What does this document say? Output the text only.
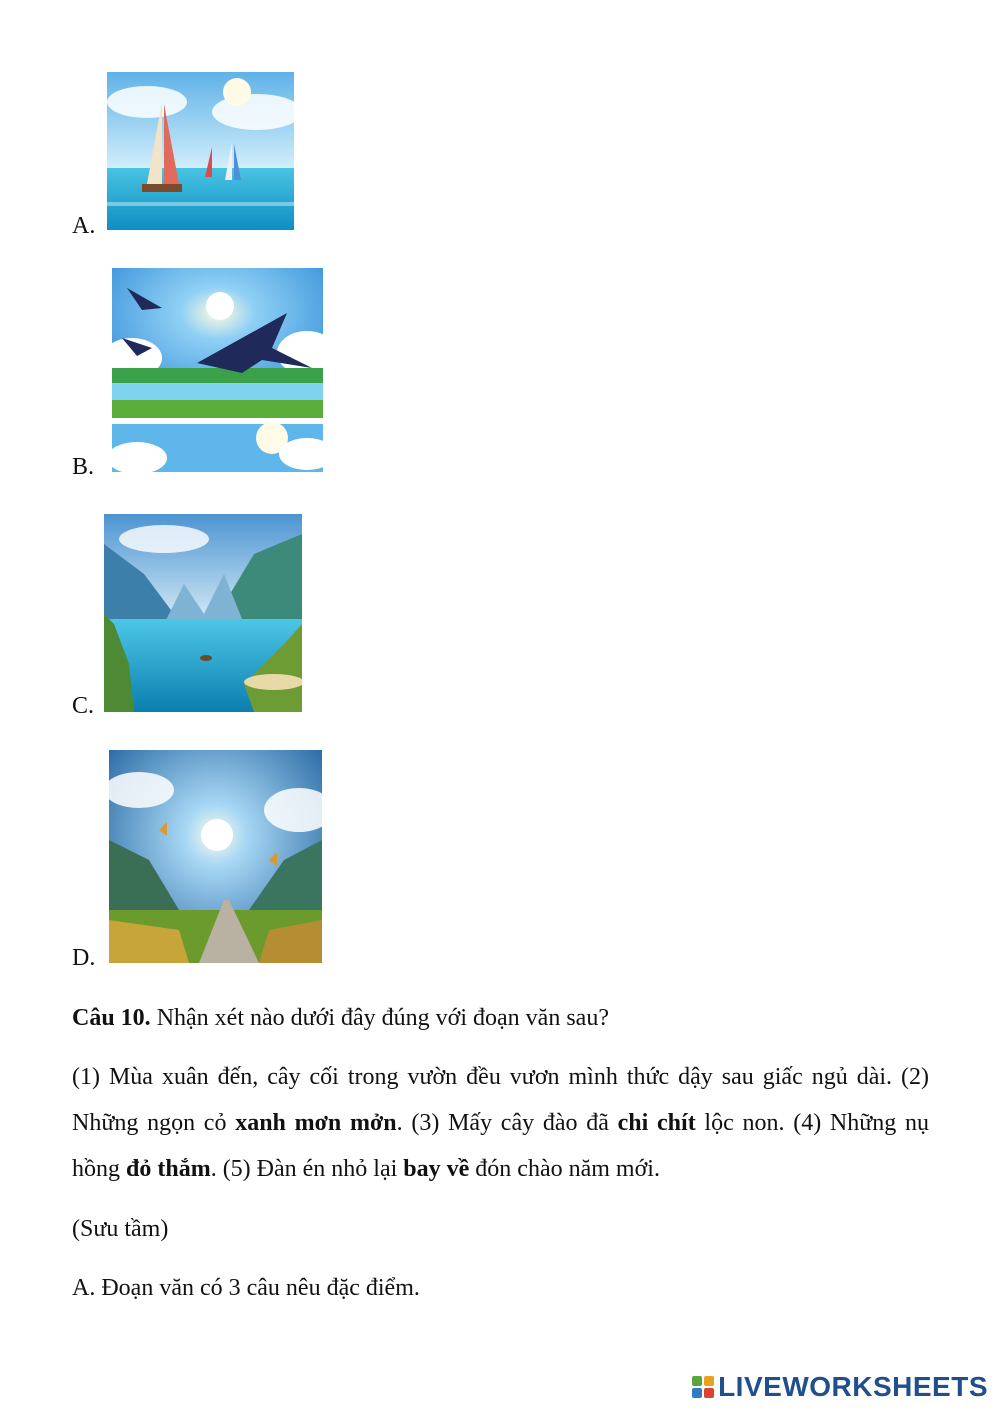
A.
B.
C.
D.
Câu 10. Nhận xét nào dưới đây đúng với đoạn văn sau?
(1) Mùa xuân đến, cây cối trong vườn đều vươn mình thức dậy sau giấc ngủ dài. (2) Những ngọn cỏ xanh mơn mởn. (3) Mấy cây đào đã chi chít lộc non. (4) Những nụ hồng đỏ thắm. (5) Đàn én nhỏ lại bay về đón chào năm mới.
(Sưu tầm)
A. Đoạn văn có 3 câu nêu đặc điểm.
LIVEWORKSHEETS
